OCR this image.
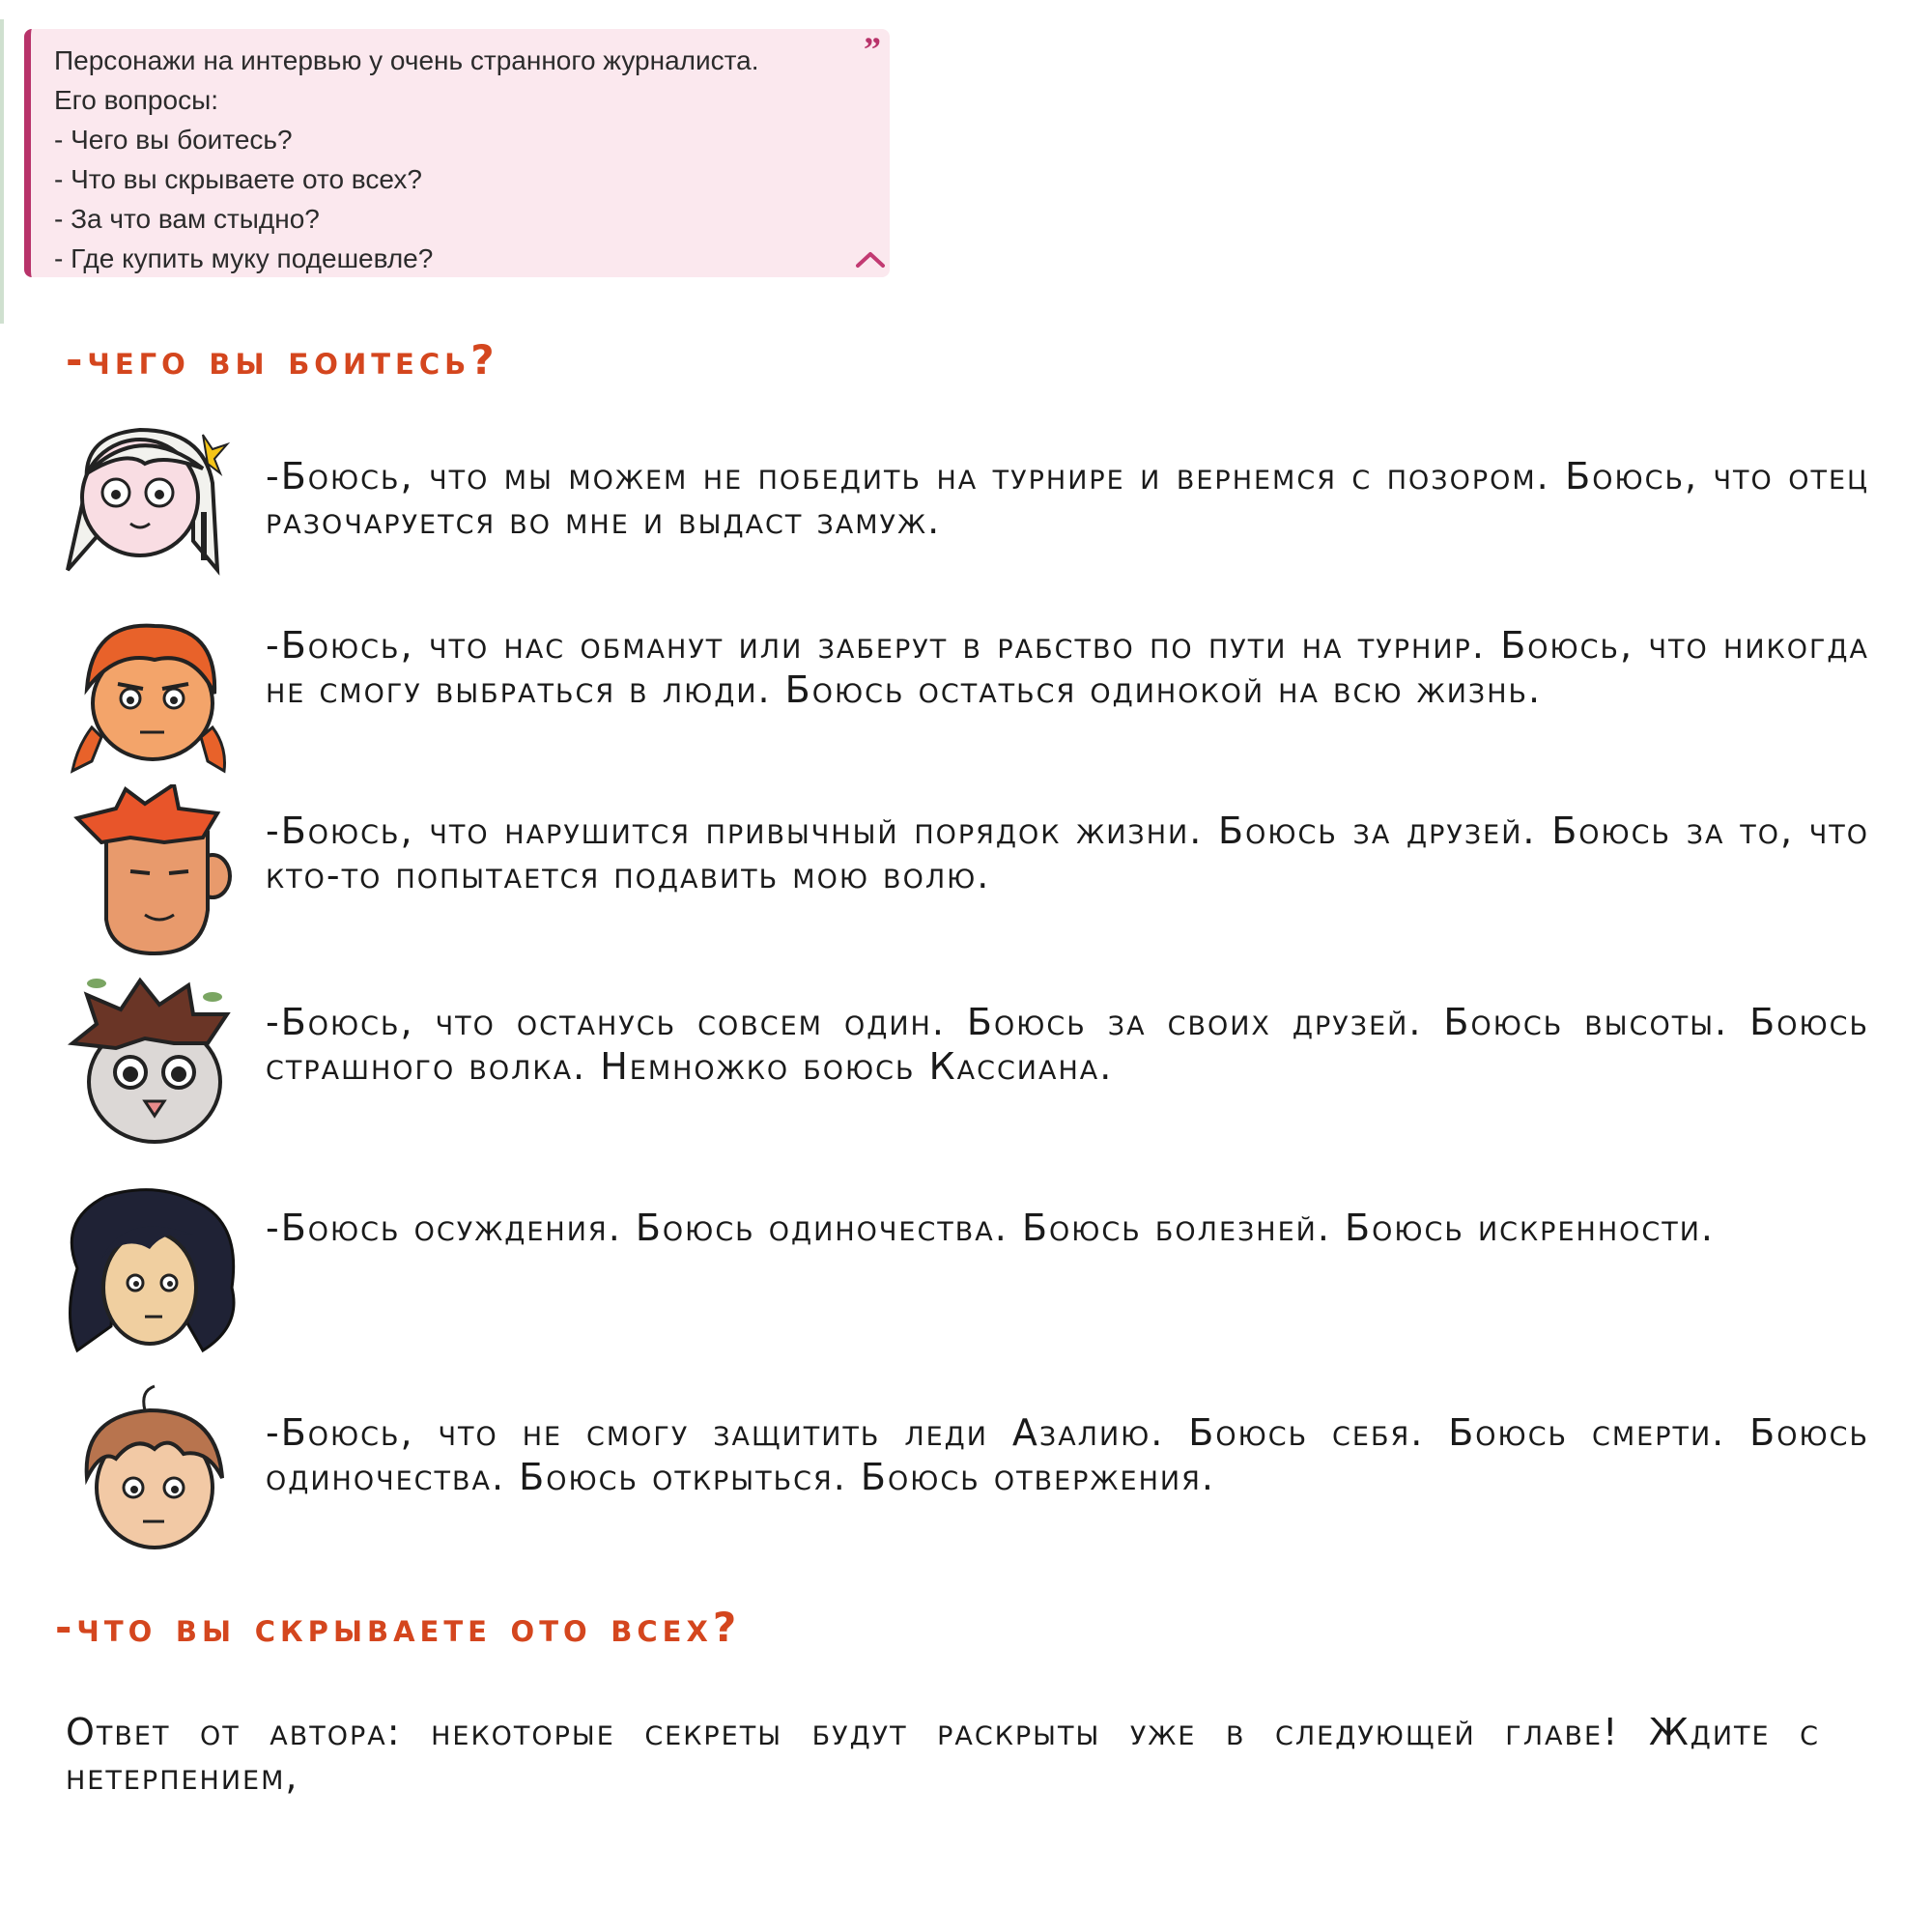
Персонажи на интервью у очень странного журналиста.
Его вопросы:
- Чего вы боитесь?
- Что вы скрываете ото всех?
- За что вам стыдно?
- Где купить муку подешевле?
”
-чего вы боитесь?
-Боюсь, что мы можем не победить на турнире и вернемся с позором. Боюсь, что отец разочаруется во мне и выдаст замуж.
-Боюсь, что нас обманут или заберут в рабство по пути на турнир. Боюсь, что никогда не смогу выбраться в люди. Боюсь остаться одинокой на всю жизнь.
-Боюсь, что нарушится привычный порядок жизни. Боюсь за друзей. Боюсь за то, что кто-то попытается подавить мою волю.
-Боюсь, что останусь совсем один. Боюсь за своих друзей. Боюсь высоты. Боюсь страшного волка. Немножко боюсь Кассиана.
-Боюсь осуждения. Боюсь одиночества. Боюсь болезней. Боюсь искренности.
-Боюсь, что не смогу защитить леди Азалию. Боюсь себя. Боюсь смерти. Боюсь одиночества. Боюсь открыться. Боюсь отвержения.
-что вы скрываете ото всех?
Ответ от автора: некоторые секреты будут раскрыты уже в следующей главе! Ждите с нетерпением,
